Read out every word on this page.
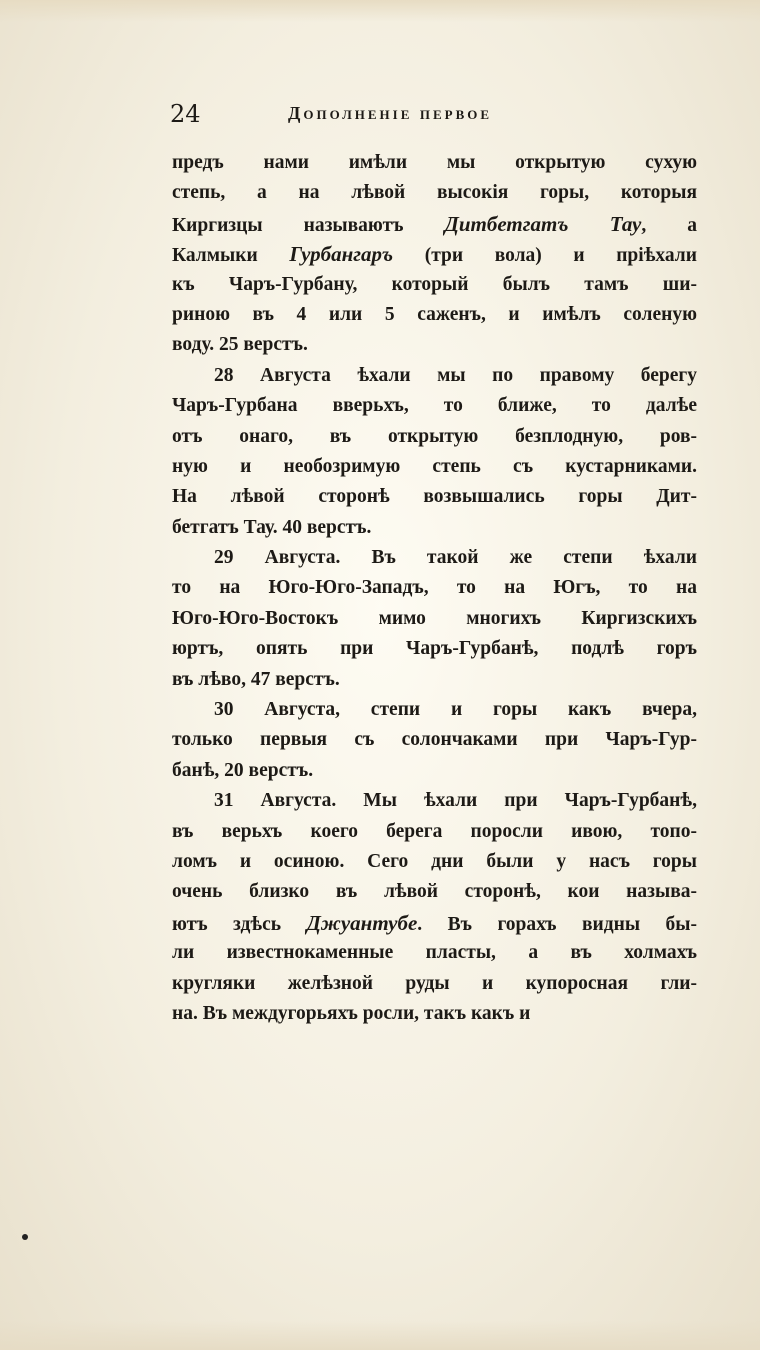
24	Дополненiе первое
предъ нами имѣли мы открытую сухую
степь, а на лѣвой высокiя горы, которыя
Киргизцы называютъ Дитбетгатъ Тау, а
Калмыки Гурбангаръ (три вола) и прiѣхали
къ Чаръ-Гурбану, который былъ тамъ ши-
риною въ 4 или 5 саженъ, и имѣлъ соленую
воду. 25 верстъ.
28 Августа ѣхали мы по правому берегу
Чаръ-Гурбана вверьхъ, то ближе, то далѣе
отъ онаго, въ открытую безплодную, ров-
ную и необозримую степь съ кустарниками.
На лѣвой сторонѣ возвышались горы Дит-
бетгатъ Тау. 40 верстъ.
29 Августа. Въ такой же степи ѣхали
то на Юго-Юго-Западъ, то на Югъ, то на
Юго-Юго-Востокъ мимо многихъ Киргизскихъ
юртъ, опять при Чаръ-Гурбанѣ, подлѣ горъ
въ лѣво, 47 верстъ.
30 Августа, степи и горы какъ вчера,
только первыя съ солончаками при Чаръ-Гур-
банѣ, 20 верстъ.
31 Августа. Мы ѣхали при Чаръ-Гурбанѣ,
въ верьхъ коего берега поросли ивою, топо-
ломъ и осиною. Сего дни были у насъ горы
очень близко въ лѣвой сторонѣ, кои называ-
ютъ здѣсь Джуантубе. Въ горахъ видны бы-
ли известнокаменные пласты, а въ холмахъ
кругляки желѣзной руды и купоросная гли-
на. Въ междугорьяхъ росли, такъ какъ и
